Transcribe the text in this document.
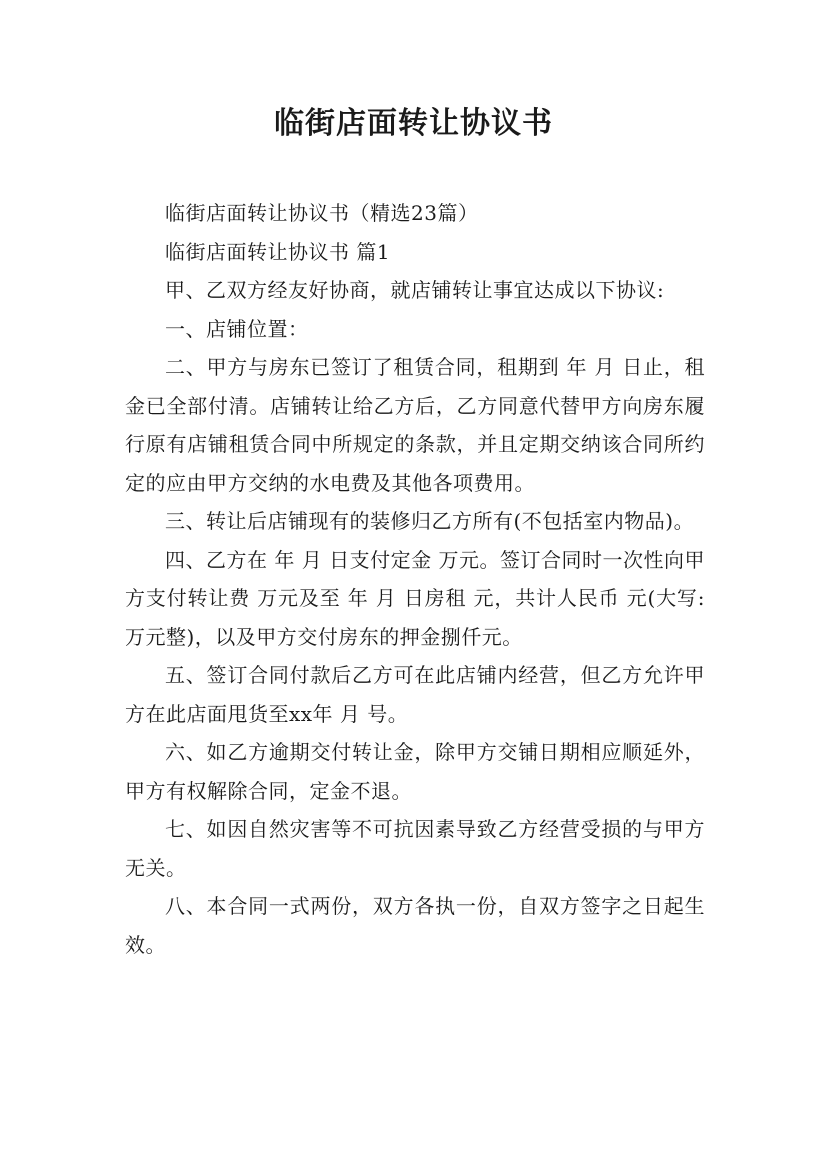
临街店面转让协议书

临街店面转让协议书（精选23篇）

临街店面转让协议书 篇1

甲、乙双方经友好协商，就店铺转让事宜达成以下协议:

一、店铺位置：

二、甲方与房东已签订了租赁合同，租期到 年 月 日止，租金已全部付清。店铺转让给乙方后，乙方同意代替甲方向房东履行原有店铺租赁合同中所规定的条款，并且定期交纳该合同所约定的应由甲方交纳的水电费及其他各项费用。

三、转让后店铺现有的装修归乙方所有(不包括室内物品)。

四、乙方在 年 月 日支付定金 万元。签订合同时一次性向甲方支付转让费 万元及至 年 月 日房租 元，共计人民币 元(大写: 万元整)，以及甲方交付房东的押金捌仟元。

五、签订合同付款后乙方可在此店铺内经营，但乙方允许甲方在此店面甩货至xx年 月 号。

六、如乙方逾期交付转让金，除甲方交铺日期相应顺延外，甲方有权解除合同，定金不退。

七、如因自然灾害等不可抗因素导致乙方经营受损的与甲方无关。

八、本合同一式两份，双方各执一份，自双方签字之日起生效。
